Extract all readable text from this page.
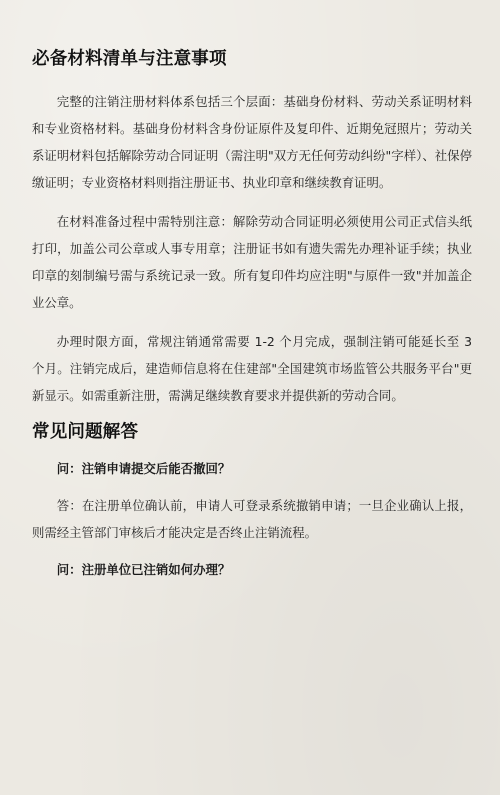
必备材料清单与注意事项

完整的注销注册材料体系包括三个层面：基础身份材料、劳动关系证明材料和专业资格材料。基础身份材料含身份证原件及复印件、近期免冠照片；劳动关系证明材料包括解除劳动合同证明（需注明"双方无任何劳动纠纷"字样）、社保停缴证明；专业资格材料则指注册证书、执业印章和继续教育证明。

在材料准备过程中需特别注意：解除劳动合同证明必须使用公司正式信头纸打印，加盖公司公章或人事专用章；注册证书如有遗失需先办理补证手续；执业印章的刻制编号需与系统记录一致。所有复印件均应注明"与原件一致"并加盖企业公章。

办理时限方面，常规注销通常需要 1-2 个月完成，强制注销可能延长至 3 个月。注销完成后，建造师信息将在住建部"全国建筑市场监管公共服务平台"更新显示。如需重新注册，需满足继续教育要求并提供新的劳动合同。

常见问题解答

问：注销申请提交后能否撤回？

答：在注册单位确认前，申请人可登录系统撤销申请；一旦企业确认上报，则需经主管部门审核后才能决定是否终止注销流程。

问：注册单位已注销如何办理？
